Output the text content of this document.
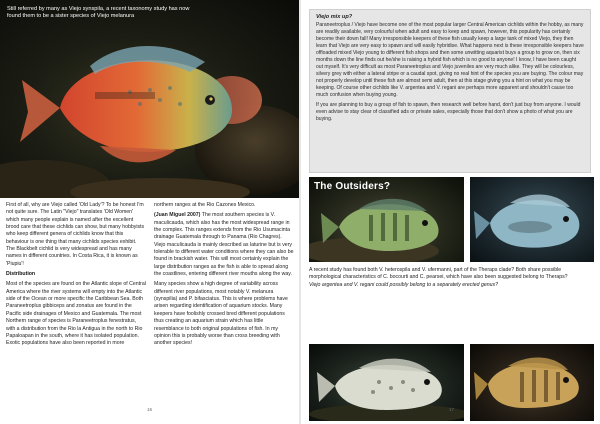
Still referred by many as Viejo synspila, a recent taxonomy study has now found them to be a sister species of Viejo melanura

First of all, why are Viejo called 'Old Lady'? To be honest I'm not quite sure. The Latin "Viejo" translates 'Old Women' which many people explain is named after the excellent brood care that these cichlids can show, but many hobbyists who keep different genera of cichlids know that this behaviour is one thing that many cichlids species exhibit. The Blackbelt cichlid is very widespread and has many names in different countries. In Costa Rica, it is known as 'Piupiu'!

Distribution

Most of the species are found on the Atlantic slope of Central America where the river systems will empty into the Atlantic side of the Ocean or more specific the Caribbean Sea. Both Paraneetroplus gibbiceps and zonatus are found in the Pacific side drainages of Mexico and Guatemala. The most Northern range of species is Paraneetroplus fenestratus, with a distribution from the Rio la Antigua in the north to Rio Papaloapan in the south, where it has isolated population. Exotic populations have also been reported in more

northern ranges at the Rio Cazones Mexico.

(Juan Miguel 2007) The most southern species is V. maculicauda, which also has the most widespread range in the complex. This ranges extends from the Rio Usumacinta drainage Guatemala through to Panama (Rio Chagres). Viejo maculicauda is mainly described as laturine but is very tolerable to different water conditions where they can also be found in brackish water. This will most certainly explain the large distribution ranges as the fish is able to spread along the coastlines, entering different river mouths along the way.

Many species show a high degree of variability across different river populations, most notably V. melanura (synspilia) and P. bifasciatus. This is where problems have arisen regarding identification of aquarium stocks. Many keepers have foolishly crossed bred different populations thus creating an aquarium strain which has little resemblance to both original populations of fish. In my opinion this is probably worse than cross breeding with another species!

16
Viejo mix up?

Paraneetroplus / Viejo have become one of the most popular larger Central American cichlids within the hobby, as many are readily available, very colourful when adult and easy to keep and spawn, however, this popularity has certainly become their down fall! Many irresponsible keepers of these fish usually keep a large tank of mixed Viejo, they then learn that Viejo are very easy to spawn and will easily hybridise. What happens next is these irresponsible keepers have offloaded mixed Viejo young to different fish shops and then some unwitting aquarist buys a group to grow on, then six months down the line finds out he/she is raising a hybrid fish which is no good to anyone! I know, I have been caught out myself. It's very difficult as most Paraneetroplus and Viejo juveniles are very much alike. They will be colourless, silvery grey with either a lateral stripe or a caudal spot, giving no real hint of the species you are buying. The colour may not properly develop until these fish are almost semi adult, then at this stage giving you a hint on what you may be keeping. Of course other cichlids like V. argentea and V. regani are perhaps more apparent and shouldn't cause too much confusion when buying young.

If you are planning to buy a group of fish to spawn, then research well before hand, don't just buy from anyone. I would even advise to stay clear of classified ads or private sales, especially those that don't show a photo of what you are buying.

The Outsiders?

A recent study has found both V. heterospila and V. ufermanni, part of the Theraps clade? Both share possible morphological characteristics of C. bocourti and C. pearsei, which have also been suggested belong to Theraps?

Viejo argentea and V. regani could possibly belong to a separately erected genus?

17
